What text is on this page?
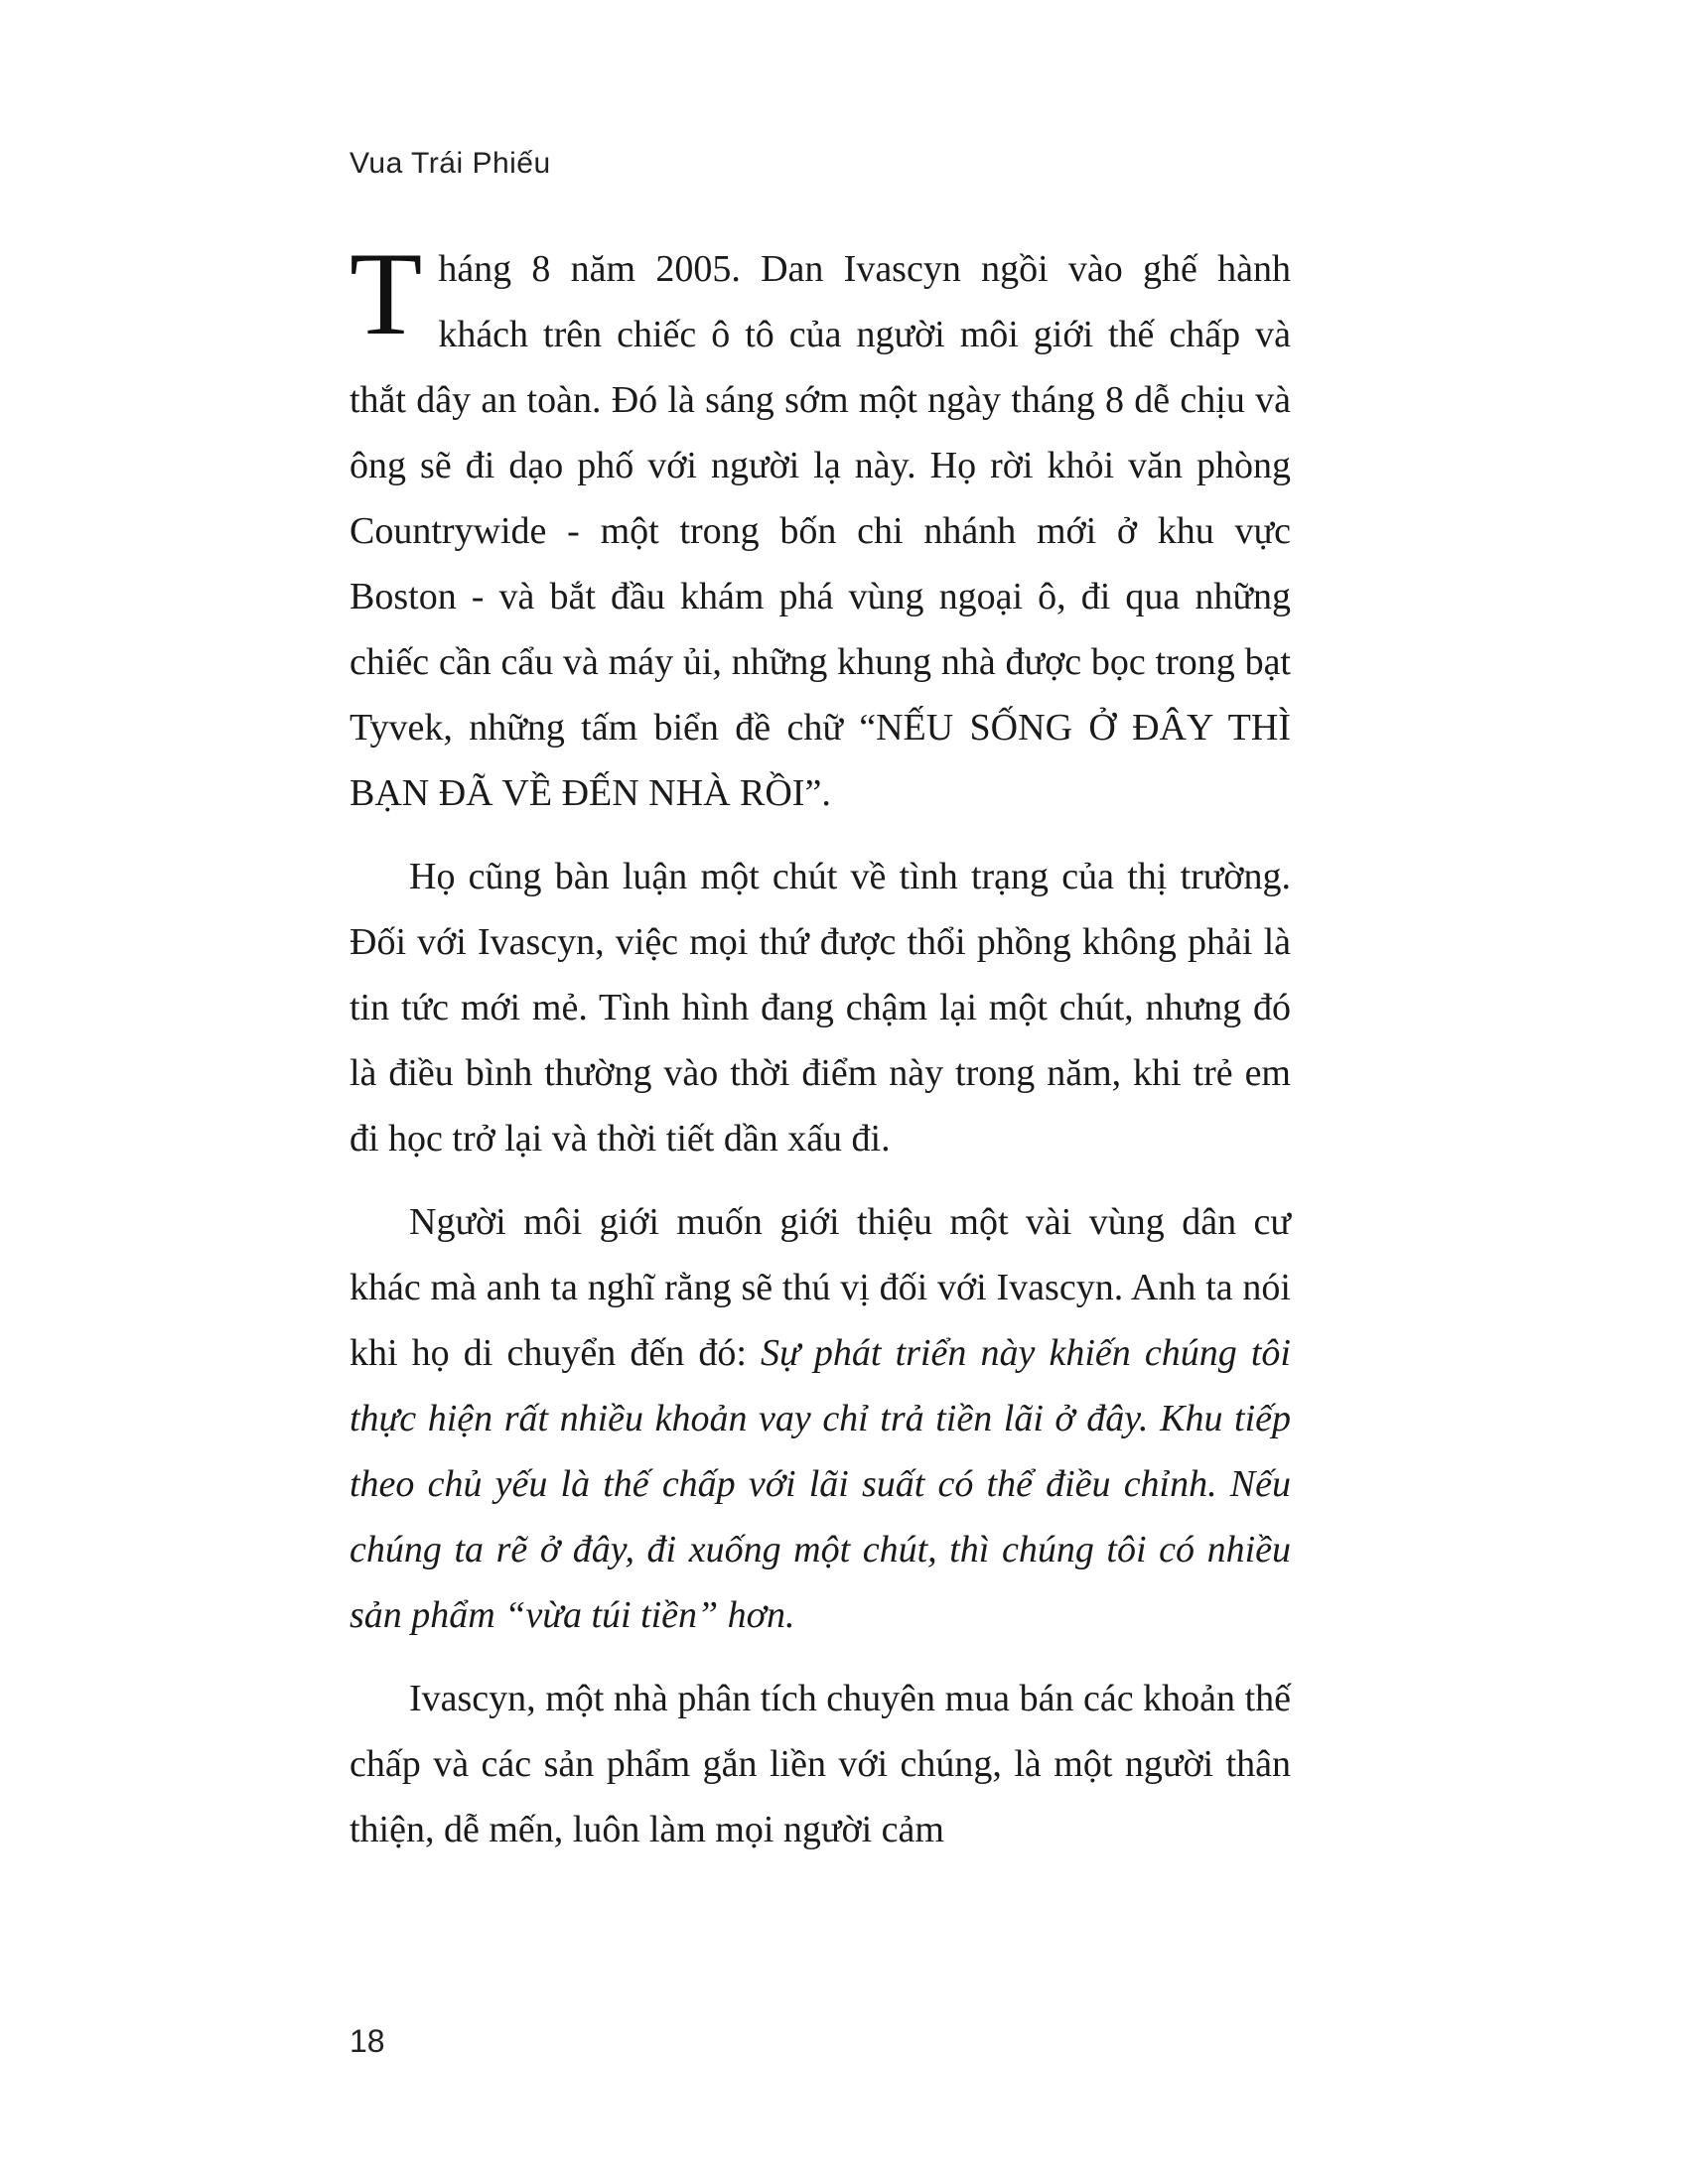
Vua Trái Phiếu

Tháng 8 năm 2005. Dan Ivascyn ngồi vào ghế hành khách trên chiếc ô tô của người môi giới thế chấp và thắt dây an toàn. Đó là sáng sớm một ngày tháng 8 dễ chịu và ông sẽ đi dạo phố với người lạ này. Họ rời khỏi văn phòng Countrywide - một trong bốn chi nhánh mới ở khu vực Boston - và bắt đầu khám phá vùng ngoại ô, đi qua những chiếc cần cẩu và máy ủi, những khung nhà được bọc trong bạt Tyvek, những tấm biển đề chữ “NẾU SỐNG Ở ĐÂY THÌ BẠN ĐÃ VỀ ĐẾN NHÀ RỒI”.

Họ cũng bàn luận một chút về tình trạng của thị trường. Đối với Ivascyn, việc mọi thứ được thổi phồng không phải là tin tức mới mẻ. Tình hình đang chậm lại một chút, nhưng đó là điều bình thường vào thời điểm này trong năm, khi trẻ em đi học trở lại và thời tiết dần xấu đi.

Người môi giới muốn giới thiệu một vài vùng dân cư khác mà anh ta nghĩ rằng sẽ thú vị đối với Ivascyn. Anh ta nói khi họ di chuyển đến đó: Sự phát triển này khiến chúng tôi thực hiện rất nhiều khoản vay chỉ trả tiền lãi ở đây. Khu tiếp theo chủ yếu là thế chấp với lãi suất có thể điều chỉnh. Nếu chúng ta rẽ ở đây, đi xuống một chút, thì chúng tôi có nhiều sản phẩm “vừa túi tiền” hơn.

Ivascyn, một nhà phân tích chuyên mua bán các khoản thế chấp và các sản phẩm gắn liền với chúng, là một người thân thiện, dễ mến, luôn làm mọi người cảm

18
